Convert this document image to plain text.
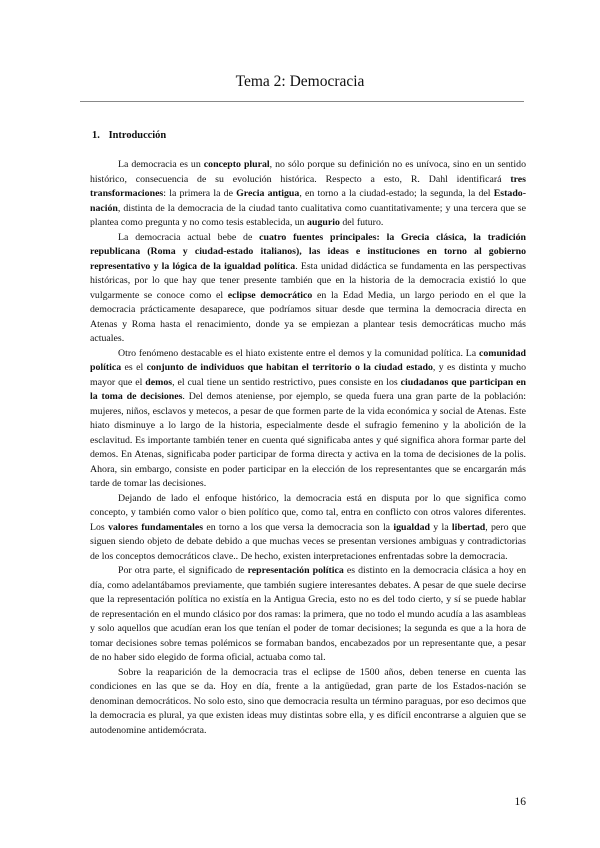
Tema 2: Democracia
1. Introducción

La democracia es un concepto plural, no sólo porque su definición no es unívoca, sino en un sentido histórico, consecuencia de su evolución histórica. Respecto a esto, R. Dahl identificará tres transformaciones: la primera la de Grecia antigua, en torno a la ciudad-estado; la segunda, la del Estado-nación, distinta de la democracia de la ciudad tanto cualitativa como cuantitativamente; y una tercera que se plantea como pregunta y no como tesis establecida, un augurio del futuro.

La democracia actual bebe de cuatro fuentes principales: la Grecia clásica, la tradición republicana (Roma y ciudad-estado italianos), las ideas e instituciones en torno al gobierno representativo y la lógica de la igualdad política. Esta unidad didáctica se fundamenta en las perspectivas históricas, por lo que hay que tener presente también que en la historia de la democracia existió lo que vulgarmente se conoce como el eclipse democrático en la Edad Media, un largo periodo en el que la democracia prácticamente desaparece, que podríamos situar desde que termina la democracia directa en Atenas y Roma hasta el renacimiento, donde ya se empiezan a plantear tesis democráticas mucho más actuales.

Otro fenómeno destacable es el hiato existente entre el demos y la comunidad política. La comunidad política es el conjunto de individuos que habitan el territorio o la ciudad estado, y es distinta y mucho mayor que el demos, el cual tiene un sentido restrictivo, pues consiste en los ciudadanos que participan en la toma de decisiones. Del demos ateniense, por ejemplo, se queda fuera una gran parte de la población: mujeres, niños, esclavos y metecos, a pesar de que formen parte de la vida económica y social de Atenas. Este hiato disminuye a lo largo de la historia, especialmente desde el sufragio femenino y la abolición de la esclavitud. Es importante también tener en cuenta qué significaba antes y qué significa ahora formar parte del demos. En Atenas, significaba poder participar de forma directa y activa en la toma de decisiones de la polis. Ahora, sin embargo, consiste en poder participar en la elección de los representantes que se encargarán más tarde de tomar las decisiones.

Dejando de lado el enfoque histórico, la democracia está en disputa por lo que significa como concepto, y también como valor o bien político que, como tal, entra en conflicto con otros valores diferentes. Los valores fundamentales en torno a los que versa la democracia son la igualdad y la libertad, pero que siguen siendo objeto de debate debido a que muchas veces se presentan versiones ambiguas y contradictorias de los conceptos democráticos clave.. De hecho, existen interpretaciones enfrentadas sobre la democracia.

Por otra parte, el significado de representación política es distinto en la democracia clásica a hoy en día, como adelantábamos previamente, que también sugiere interesantes debates. A pesar de que suele decirse que la representación política no existía en la Antigua Grecia, esto no es del todo cierto, y sí se puede hablar de representación en el mundo clásico por dos ramas: la primera, que no todo el mundo acudía a las asambleas y solo aquellos que acudían eran los que tenían el poder de tomar decisiones; la segunda es que a la hora de tomar decisiones sobre temas polémicos se formaban bandos, encabezados por un representante que, a pesar de no haber sido elegido de forma oficial, actuaba como tal.

Sobre la reaparición de la democracia tras el eclipse de 1500 años, deben tenerse en cuenta las condiciones en las que se da. Hoy en día, frente a la antigüedad, gran parte de los Estados-nación se denominan democráticos. No solo esto, sino que democracia resulta un término paraguas, por eso decimos que la democracia es plural, ya que existen ideas muy distintas sobre ella, y es difícil encontrarse a alguien que se autodenomine antidemócrata.

16
